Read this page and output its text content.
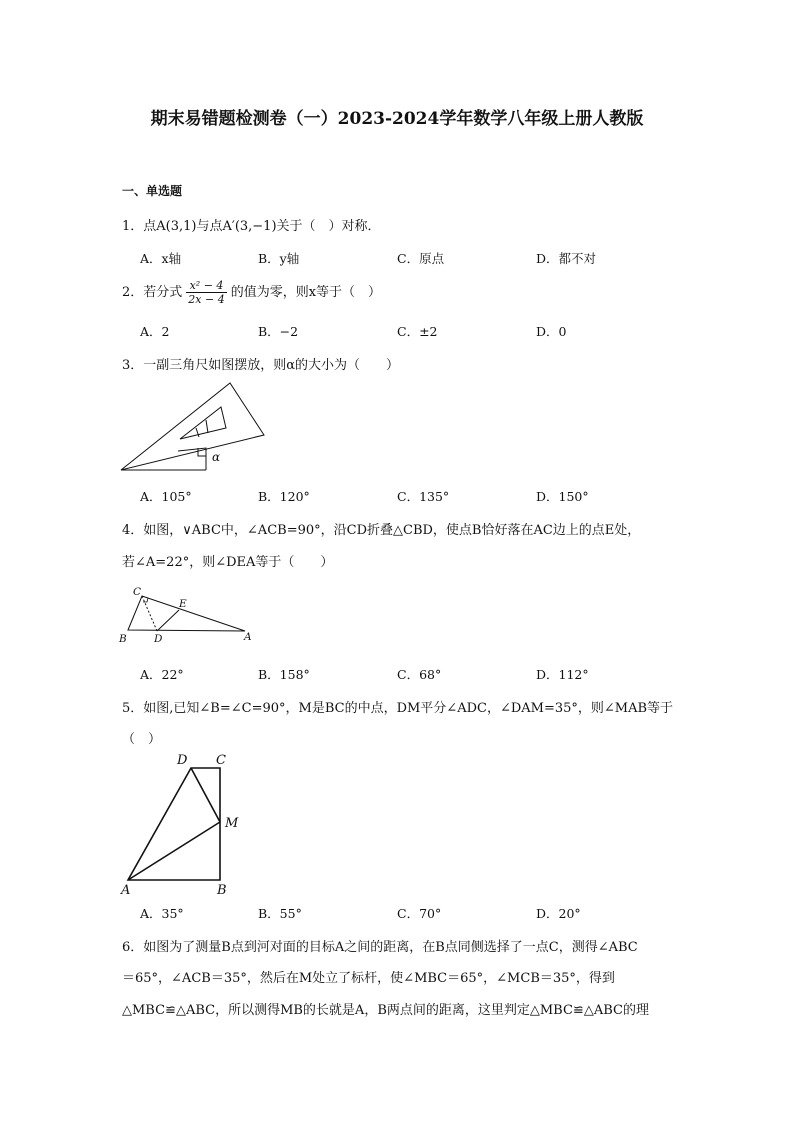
期末易错题检测卷（一）2023-2024学年数学八年级上册人教版
一、单选题
1．点A(3,1)与点A′(3,−1)关于（　）对称．
A．x轴	B．y轴	C．原点	D．都不对
2．若分式 $\frac{\text{x² − 4}}{2x - 4}$ 的值为零，则x等于（　）
A．2	B．−2	C．±2	D．0
3．一副三角尺如图摆放，则α的大小为（　　）
α
A．105°	B．120°	C．135°	D．150°
4．如图，∨ABC中，∠ACB=90°，沿CD折叠△CBD，使点B恰好落在AC边上的点E处，
若∠A=22°，则∠DEA等于（　　）
C
E
B	D	A
A．22°	B．158°	C．68°	D．112°
5．如图,已知∠B=∠C=90°，M是BC的中点，DM平分∠ADC，∠DAM=35°，则∠MAB等于
（　）
D C
M
A	B
A．35°	B．55°	C．70°	D．20°
6．如图为了测量B点到河对面的目标A之间的距离，在B点同侧选择了一点C，测得∠ABC
＝65°，∠ACB＝35°，然后在M处立了标杆，使∠MBC＝65°，∠MCB＝35°，得到
△MBC≌△ABC，所以测得MB的长就是A，B两点间的距离，这里判定△MBC≌△ABC的理
